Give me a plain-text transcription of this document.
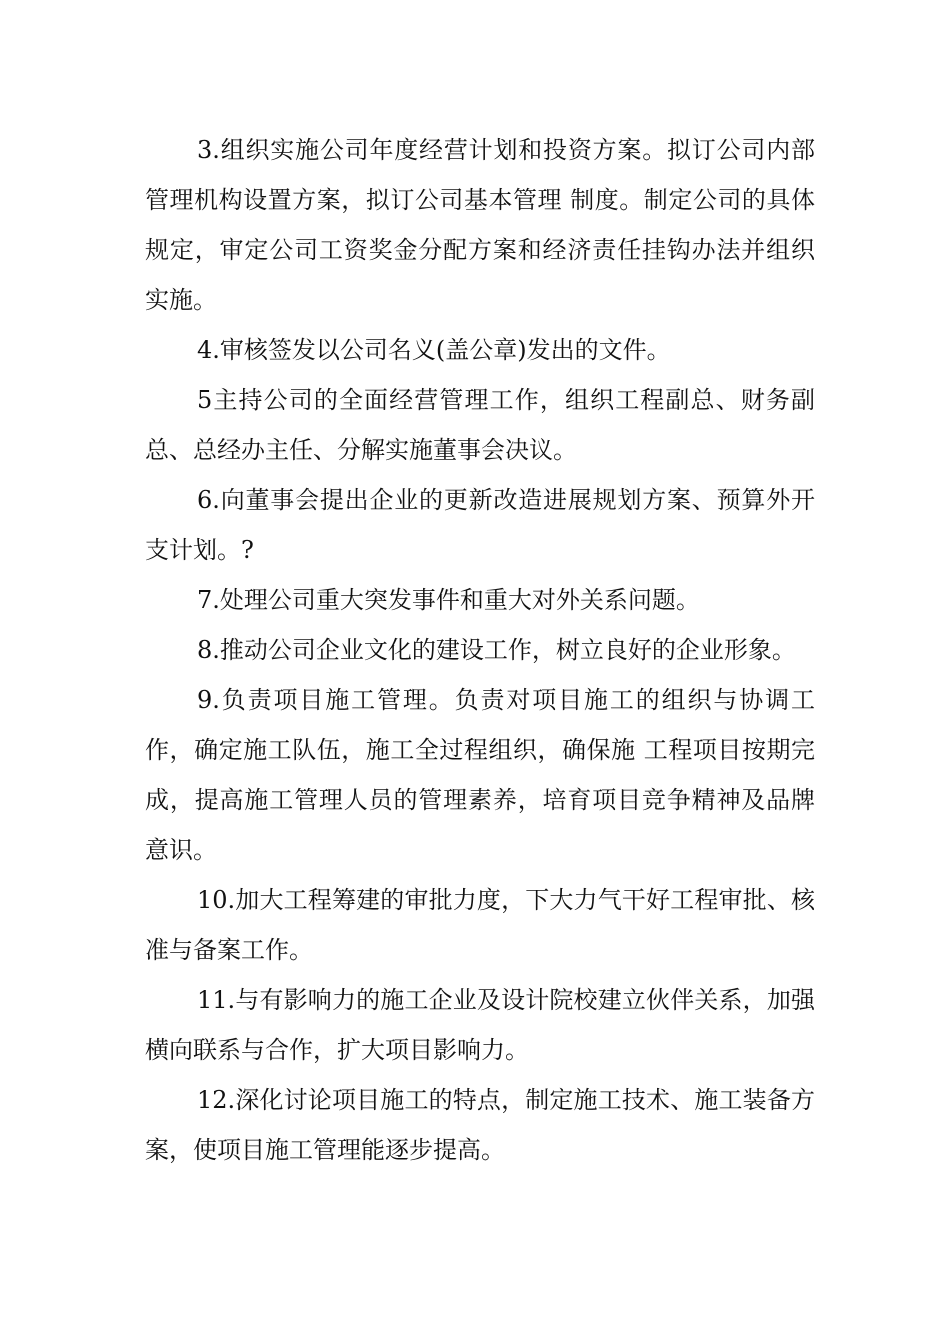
3.组织实施公司年度经营计划和投资方案。拟订公司内部管理机构设置方案，拟订公司基本管理 制度。制定公司的具体规定，审定公司工资奖金分配方案和经济责任挂钩办法并组织实施。

4.审核签发以公司名义(盖公章)发出的文件。

5主持公司的全面经营管理工作，组织工程副总、财务副总、总经办主任、分解实施董事会决议。

6.向董事会提出企业的更新改造进展规划方案、预算外开支计划。?

7.处理公司重大突发事件和重大对外关系问题。

8.推动公司企业文化的建设工作，树立良好的企业形象。

9.负责项目施工管理。负责对项目施工的组织与协调工作，确定施工队伍，施工全过程组织，确保施 工程项目按期完成，提高施工管理人员的管理素养，培育项目竞争精神及品牌意识。

10.加大工程筹建的审批力度，下大力气干好工程审批、核准与备案工作。

11.与有影响力的施工企业及设计院校建立伙伴关系，加强横向联系与合作，扩大项目影响力。

12.深化讨论项目施工的特点，制定施工技术、施工装备方案，使项目施工管理能逐步提高。
